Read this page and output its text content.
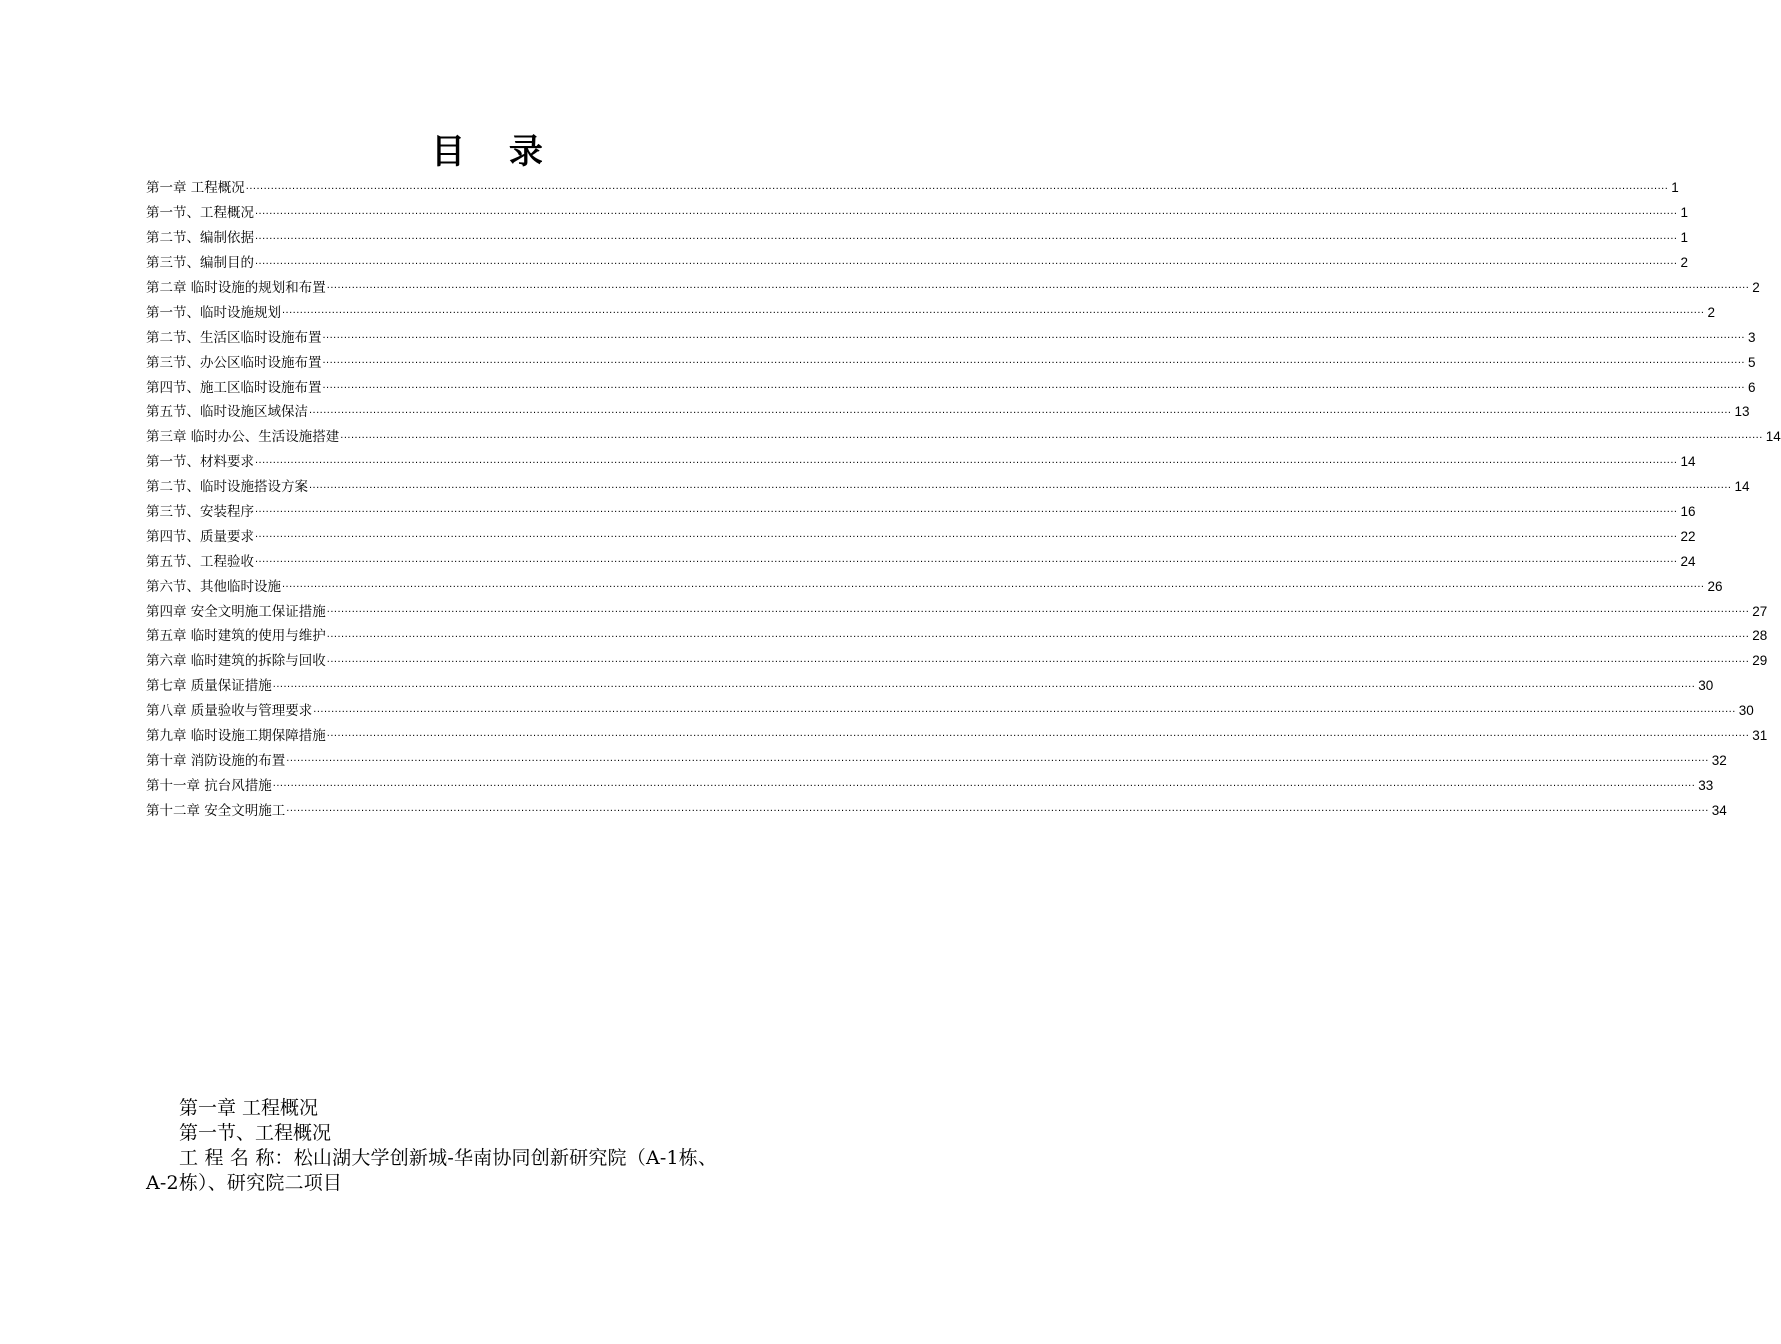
目 录
第一章 工程概况 ................................................................................................................................................................................................................................................................................................................................................................................................................ 1
第一节、工程概况 ................................................................................................................................................................................................................................................................................................................................................................................................................ 1
第二节、编制依据 ................................................................................................................................................................................................................................................................................................................................................................................................................ 1
第三节、编制目的 ................................................................................................................................................................................................................................................................................................................................................................................................................ 2
第二章 临时设施的规划和布置 ................................................................................................................................................................................................................................................................................................................................................................................................................ 2
第一节、临时设施规划 ................................................................................................................................................................................................................................................................................................................................................................................................................ 2
第二节、生活区临时设施布置 ................................................................................................................................................................................................................................................................................................................................................................................................................ 3
第三节、办公区临时设施布置 ................................................................................................................................................................................................................................................................................................................................................................................................................ 5
第四节、施工区临时设施布置 ................................................................................................................................................................................................................................................................................................................................................................................................................ 6
第五节、临时设施区域保洁 ................................................................................................................................................................................................................................................................................................................................................................................................................ 13
第三章 临时办公、生活设施搭建 ................................................................................................................................................................................................................................................................................................................................................................................................................ 14
第一节、材料要求 ................................................................................................................................................................................................................................................................................................................................................................................................................ 14
第二节、临时设施搭设方案 ................................................................................................................................................................................................................................................................................................................................................................................................................ 14
第三节、安装程序 ................................................................................................................................................................................................................................................................................................................................................................................................................ 16
第四节、质量要求 ................................................................................................................................................................................................................................................................................................................................................................................................................ 22
第五节、工程验收 ................................................................................................................................................................................................................................................................................................................................................................................................................ 24
第六节、其他临时设施 ................................................................................................................................................................................................................................................................................................................................................................................................................ 26
第四章 安全文明施工保证措施 ................................................................................................................................................................................................................................................................................................................................................................................................................ 27
第五章 临时建筑的使用与维护 ................................................................................................................................................................................................................................................................................................................................................................................................................ 28
第六章 临时建筑的拆除与回收 ................................................................................................................................................................................................................................................................................................................................................................................................................ 29
第七章 质量保证措施 ................................................................................................................................................................................................................................................................................................................................................................................................................ 30
第八章 质量验收与管理要求 ................................................................................................................................................................................................................................................................................................................................................................................................................ 30
第九章 临时设施工期保障措施 ................................................................................................................................................................................................................................................................................................................................................................................................................ 31
第十章 消防设施的布置 ................................................................................................................................................................................................................................................................................................................................................................................................................ 32
第十一章 抗台风措施 ................................................................................................................................................................................................................................................................................................................................................................................................................ 33
第十二章 安全文明施工 ................................................................................................................................................................................................................................................................................................................................................................................................................ 34

第一章 工程概况

第一节、工程概况

工 程 名 称：松山湖大学创新城-华南协同创新研究院（A-1栋、

A-2栋）、研究院二项目
